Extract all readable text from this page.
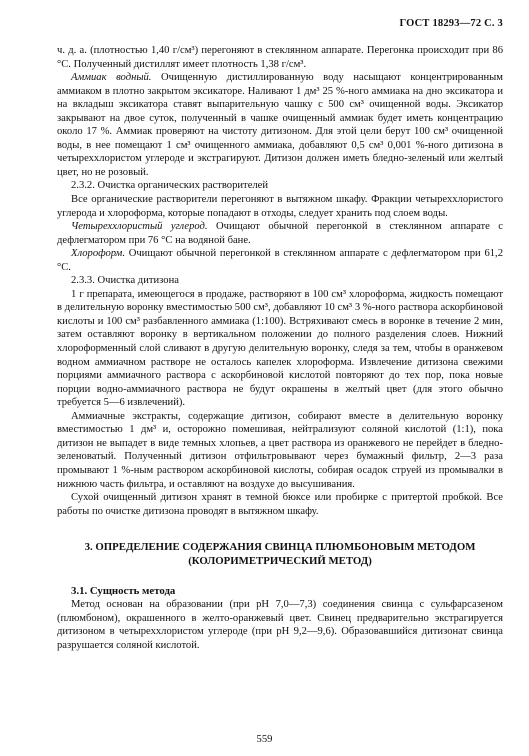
ГОСТ 18293—72 С. 3

ч. д. а. (плотностью 1,40 г/см³) перегоняют в стеклянном аппарате. Перегонка происходит при 86 °С. Полученный дистиллят имеет плотность 1,38 г/см³.

Аммиак водный. Очищенную дистиллированную воду насыщают концентрированным аммиаком в плотно закрытом эксикаторе. Наливают 1 дм³ 25 %-ного аммиака на дно эксикатора и на вкладыш эксикатора ставят выпарительную чашку с 500 см³ очищенной воды. Эксикатор закрывают на двое суток, полученный в чашке очищенный аммиак будет иметь концентрацию около 17 %. Аммиак проверяют на чистоту дитизоном. Для этой цели берут 100 см³ очищенной воды, в нее помещают 1 см³ очищенного аммиака, добавляют 0,5 см³ 0,001 %-ного дитизона в четыреххлористом углероде и экстрагируют. Дитизон должен иметь бледно-зеленый или желтый цвет, но не розовый.

2.3.2. Очистка органических растворителей

Все органические растворители перегоняют в вытяжном шкафу. Фракции четыреххлористого углерода и хлороформа, которые попадают в отходы, следует хранить под слоем воды.

Четыреххлористый углерод. Очищают обычной перегонкой в стеклянном аппарате с дефлегматором при 76 °С на водяной бане.

Хлороформ. Очищают обычной перегонкой в стеклянном аппарате с дефлегматором при 61,2 °С.

2.3.3. Очистка дитизона

1 г препарата, имеющегося в продаже, растворяют в 100 см³ хлороформа, жидкость помещают в делительную воронку вместимостью 500 см³, добавляют 10 см³ 3 %-ного раствора аскорбиновой кислоты и 100 см³ разбавленного аммиака (1:100). Встряхивают смесь в воронке в течение 2 мин, затем оставляют воронку в вертикальном положении до полного разделения слоев. Нижний хлороформенный слой сливают в другую делительную воронку, следя за тем, чтобы в оранжевом водном аммиачном растворе не осталось капелек хлороформа. Извлечение дитизона свежими порциями аммиачного раствора с аскорбиновой кислотой повторяют до тех пор, пока новые порции водно-аммиачного раствора не будут окрашены в желтый цвет (для этого обычно требуется 5—6 извлечений).

Аммиачные экстракты, содержащие дитизон, собирают вместе в делительную воронку вместимостью 1 дм³ и, осторожно помешивая, нейтрализуют соляной кислотой (1:1), пока дитизон не выпадет в виде темных хлопьев, а цвет раствора из оранжевого не перейдет в бледно-зеленоватый. Полученный дитизон отфильтровывают через бумажный фильтр, 2—3 раза промывают 1 %-ным раствором аскорбиновой кислоты, собирая осадок струей из промывалки в нижнюю часть фильтра, и оставляют на воздухе до высушивания.

Сухой очищенный дитизон хранят в темной бюксе или пробирке с притертой пробкой. Все работы по очистке дитизона проводят в вытяжном шкафу.

3. ОПРЕДЕЛЕНИЕ СОДЕРЖАНИЯ СВИНЦА ПЛЮМБОНОВЫМ МЕТОДОМ
(КОЛОРИМЕТРИЧЕСКИЙ МЕТОД)
3.1. Сущность метода

Метод основан на образовании (при рН 7,0—7,3) соединения свинца с сульфарсазеном (плюмбоном), окрашенного в желто-оранжевый цвет. Свинец предварительно экстрагируется дитизоном в четыреххлористом углероде (при рН 9,2—9,6). Образовавшийся дитизонат свинца разрушается соляной кислотой.

559
